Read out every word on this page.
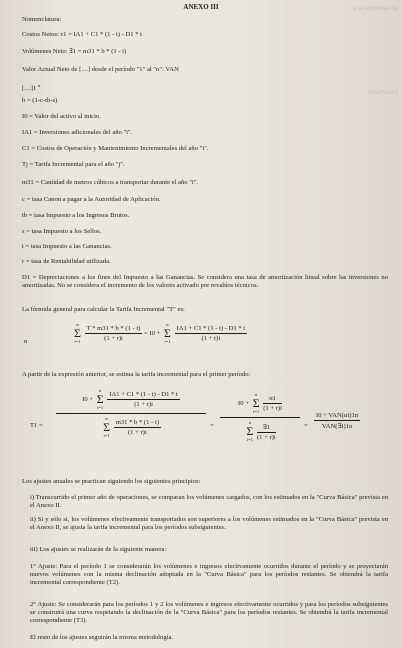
a la Autoridad de
FINANZAS
ANEXO III
Nomenclatura:
Costos Netos: τ1 = IA1 + C1 * (1 - t) - D1 * t
Volúmenes Neto: ∃1 = m31 * b * (1 - t)
Valor Actual Neto de [....] desde el período "1" al "n": VAN
[....]1 $^n$
b = (1-c-tb-s)
I0 = Valor del activo al inicio.
IA1 = Inversiones adicionales del año "i".
C1 = Costos de Operación y Mantenimiento Incrementales del año "i".
Tj = Tarifa Incremental para el año "j".
m31 = Cantidad de metros cúbicos a transportar durante el año "i".
c = tasa Canon a pagar a la Autoridad de Aplicación.
tb = tasa Impuesto a los Ingresos Brutos.
s = tasa Impuesto a los Sellos.
t = tasa Impuesto a las Ganancias.
r = tasa de Rentabilidad utilizada.
D1 = Depreciaciones a los fines del Impuesto a las Ganancias. Se considera una tasa de amortización lineal sobre las inversiones no amortizadas. No se considera el incremento de los valores activado por revalúos técnicos.
La fórmula general para calcular la Tarifa Incremental "T" es:
n
n
Σ
i=1
$\frac{T * m31 * b * (1 - t)}{(1 + r)i} = I0$ +
n
Σ
i=1
$\frac{IA1 + C1 * (1 - t) - D1 * t}{(1 + r)i}$
A partir de la expresión anterior, se estima la tarifa incremental para el primer período:
T1 =
I0 +
n
Σ
i=1
$\frac{IA1 + C1 * (1 - t) - D1 * t}{(1 + r)i}$
n
Σ
i=1
$\frac{m31 * b * (1 - t)}{(1 + r)i}$	=
I0 +
n
Σ
i=1
$\frac{\alpha 1}{(1 + r)i}$
n
Σ
i=1
$\frac{\exists 1}{(1 + r)i}$	=
I0 + VAN(αi)1n
VAN(∃i)1n
Los ajustes anuales se practican siguiendo los siguientes principios:
i) Transcurrido el primer año de operaciones, se comparan los volúmenes cargados, con los estimados en la "Curva Básica" prevista en el Anexo II.
ii) Si y sólo si, los volúmenes efectivamente transportados son superiores a los volúmenes estimados en la "Curva Básica" prevista en el Anexo II, se ajusta la tarifa incremental para los períodos subsiguientes.
iii) Los ajustes se realizarán de la siguiente manera:
1° Ajuste: Para el período 1 se considerarán los volúmenes e ingresos efectivamente ocurridos durante el período y se proyectarán nuevos volúmenes con la misma declinación adoptada en la "Curva Básica" para los períodos restantes. Se obtendrá la tarifa incremental correspondiente (T2).
2° Ajuste: Se considerarán para los períodos 1 y 2 los volúmenes e ingresos efectivamente ocurridos y para los períodos subsiguientes se construirá una curva respetando la declinación de la "Curva Básica" para los períodos restantes. Se obtendrá la tarifa incremental correspondiente (T3).
El resto de los ajustes seguirán la misma metodología.
